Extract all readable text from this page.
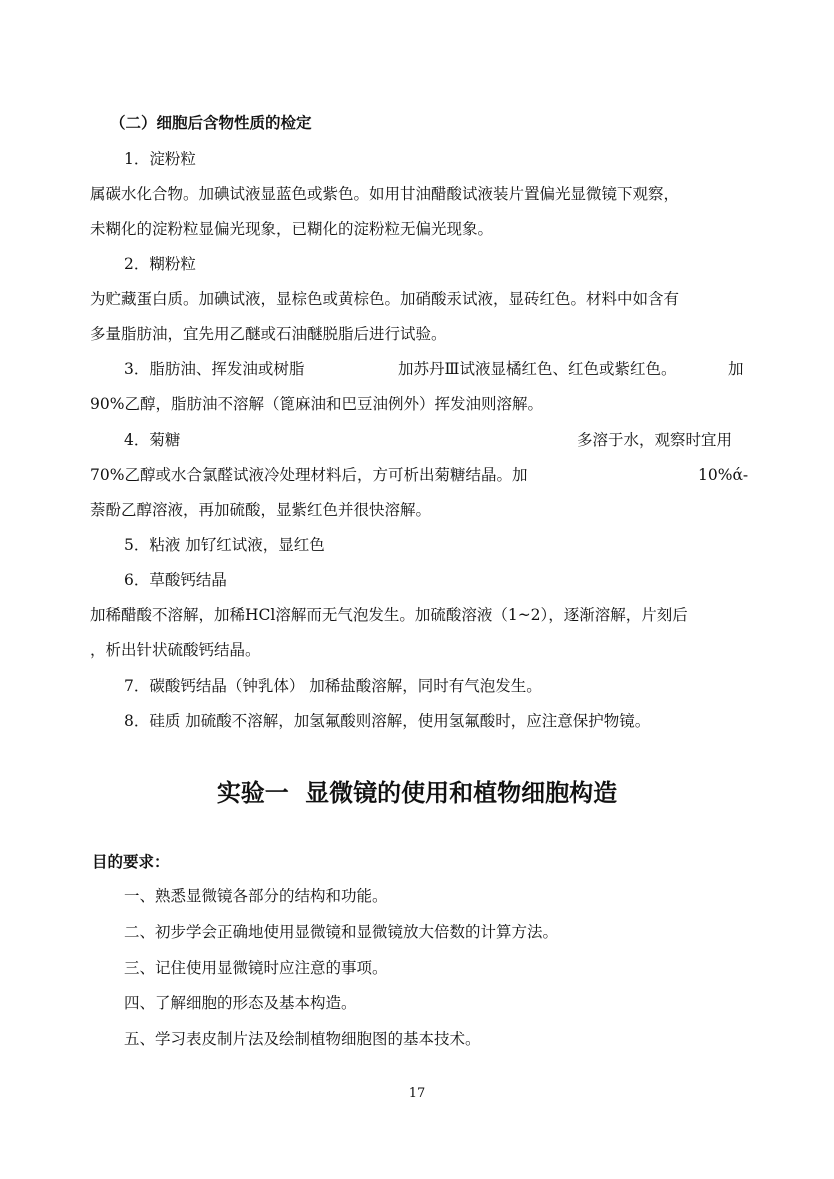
（二）细胞后含物性质的检定
1．淀粉粒
属碳水化合物。加碘试液显蓝色或紫色。如用甘油醋酸试液装片置偏光显微镜下观察，
未糊化的淀粉粒显偏光现象，已糊化的淀粉粒无偏光现象。
2．糊粉粒
为贮藏蛋白质。加碘试液，显棕色或黄棕色。加硝酸汞试液，显砖红色。材料中如含有
多量脂肪油，宜先用乙醚或石油醚脱脂后进行试验。
3．脂肪油、挥发油或树脂	加苏丹Ⅲ试液显橘红色、红色或紫红色。	加
90%乙醇，脂肪油不溶解（篦麻油和巴豆油例外）挥发油则溶解。
4．菊糖	多溶于水，观察时宜用
70%乙醇或水合氯醛试液冷处理材料后，方可析出菊糖结晶。加	10%ά-
萘酚乙醇溶液，再加硫酸，显紫红色并很快溶解。
5．粘液 加钌红试液，显红色
6．草酸钙结晶
加稀醋酸不溶解，加稀HCl溶解而无气泡发生。加硫酸溶液（1~2），逐渐溶解，片刻后
，析出针状硫酸钙结晶。
7．碳酸钙结晶（钟乳体） 加稀盐酸溶解，同时有气泡发生。
8．硅质 加硫酸不溶解，加氢氟酸则溶解，使用氢氟酸时，应注意保护物镜。
实验一 显微镜的使用和植物细胞构造
目的要求：
一、熟悉显微镜各部分的结构和功能。
二、初步学会正确地使用显微镜和显微镜放大倍数的计算方法。
三、记住使用显微镜时应注意的事项。
四、了解细胞的形态及基本构造。
五、学习表皮制片法及绘制植物细胞图的基本技术。
17
